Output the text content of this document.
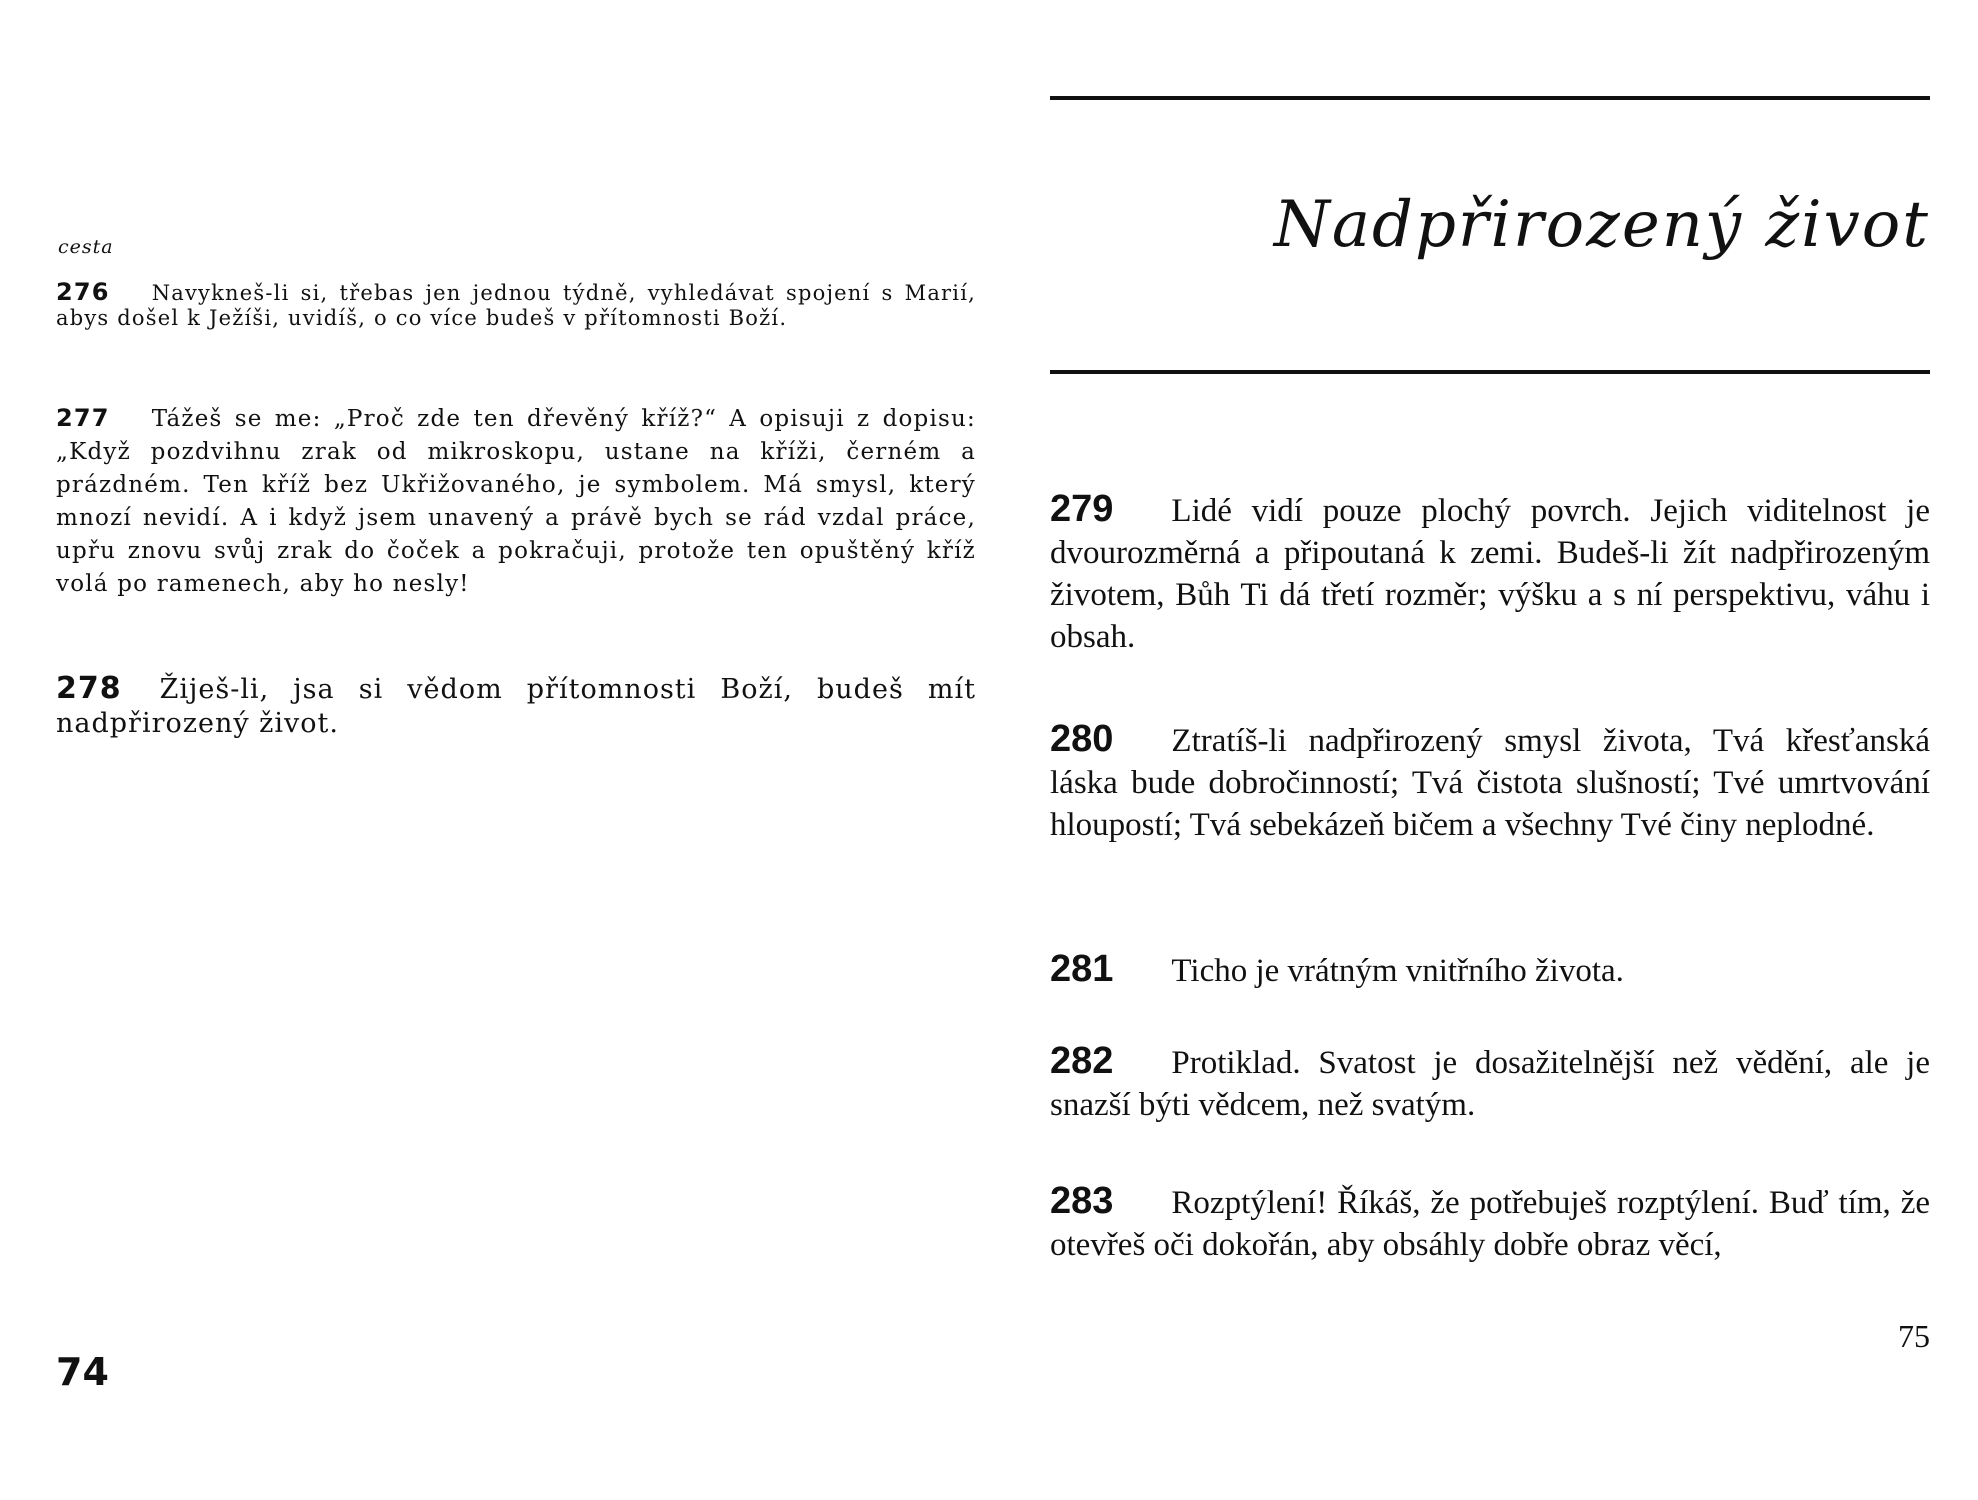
cesta

276 Navykneš-li si, třebas jen jednou týdně, vyhledávat spojení s Marií, abys došel k Ježíši, uvidíš, o co více budeš v přítomnosti Boží.

277 Tážeš se me: „Proč zde ten dřevěný kříž?“ A opisuji z dopisu: „Když pozdvihnu zrak od mikroskopu, ustane na kříži, černém a prázdném. Ten kříž bez Ukřižovaného, je symbolem. Má smysl, který mnozí nevidí. A i když jsem unavený a právě bych se rád vzdal práce, upřu znovu svůj zrak do čoček a pokračuji, protože ten opuštěný kříž volá po ramenech, aby ho nesly!

278 Žiješ-li, jsa si vědom přítomnosti Boží, budeš mít nadpřirozený život.

74
Nadpřirozený život

279 Lidé vidí pouze plochý povrch. Jejich viditelnost je dvourozměrná a připoutaná k zemi. Budeš-li žít nadpřirozeným životem, Bůh Ti dá třetí rozměr; výšku a s ní perspektivu, váhu i obsah.

280 Ztratíš-li nadpřirozený smysl života, Tvá křesťanská láska bude dobročinností; Tvá čistota slušností; Tvé umrtvování hloupostí; Tvá sebekázeň bičem a všechny Tvé činy neplodné.

281 Ticho je vrátným vnitřního života.

282 Protiklad. Svatost je dosažitelnější než vědění, ale je snazší býti vědcem, než svatým.

283 Rozptýlení! Říkáš, že potřebuješ rozptýlení. Buď tím, že otevřeš oči dokořán, aby obsáhly dobře obraz věcí,

75
